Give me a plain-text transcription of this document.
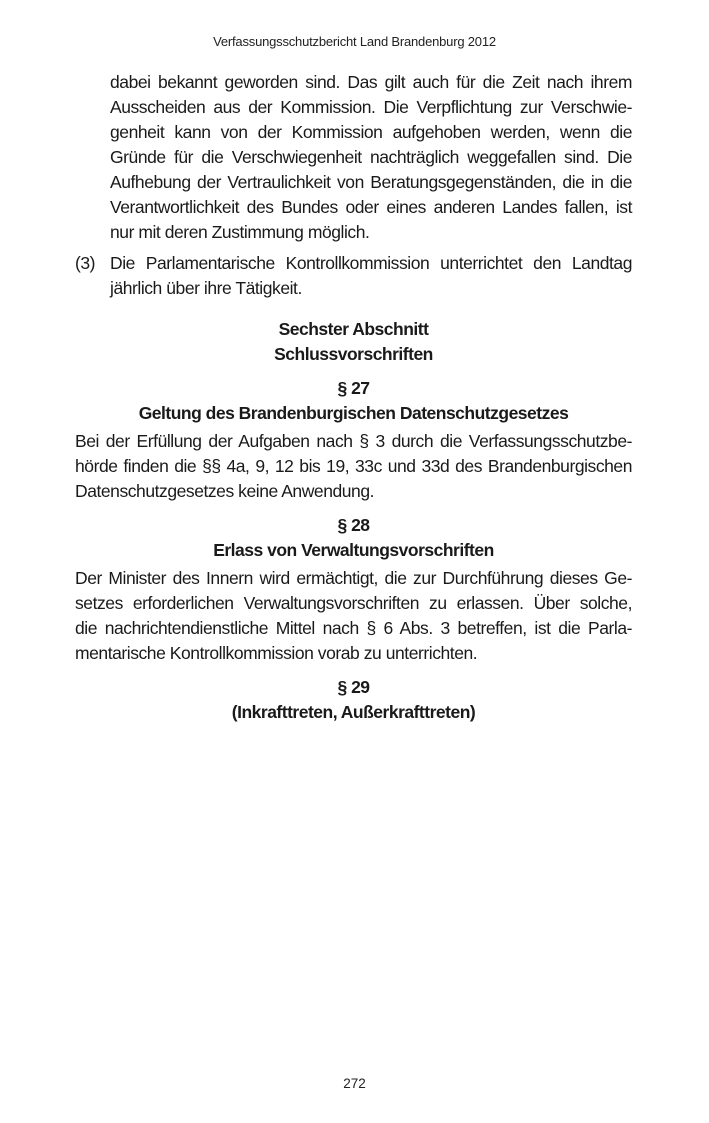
Verfassungsschutzbericht Land Brandenburg 2012
dabei bekannt geworden sind. Das gilt auch für die Zeit nach ihrem
Ausscheiden aus der Kommission. Die Verpflichtung zur Verschwie-
genheit kann von der Kommission aufgehoben werden, wenn die
Gründe für die Verschwiegenheit nachträglich weggefallen sind. Die
Aufhebung der Vertraulichkeit von Beratungsgegenständen, die in die
Verantwortlichkeit des Bundes oder eines anderen Landes fallen, ist
nur mit deren Zustimmung möglich.
(3) Die Parlamentarische Kontrollkommission unterrichtet den Landtag
jährlich über ihre Tätigkeit.
Sechster Abschnitt
Schlussvorschriften
§ 27
Geltung des Brandenburgischen Datenschutzgesetzes
Bei der Erfüllung der Aufgaben nach § 3 durch die Verfassungsschutzbe-
hörde finden die §§ 4a, 9, 12 bis 19, 33c und 33d des Brandenburgischen
Datenschutzgesetzes keine Anwendung.
§ 28
Erlass von Verwaltungsvorschriften
Der Minister des Innern wird ermächtigt, die zur Durchführung dieses Ge-
setzes erforderlichen Verwaltungsvorschriften zu erlassen. Über solche,
die nachrichtendienstliche Mittel nach § 6 Abs. 3 betreffen, ist die Parla-
mentarische Kontrollkommission vorab zu unterrichten.
§ 29
(Inkrafttreten, Außerkrafttreten)
272
